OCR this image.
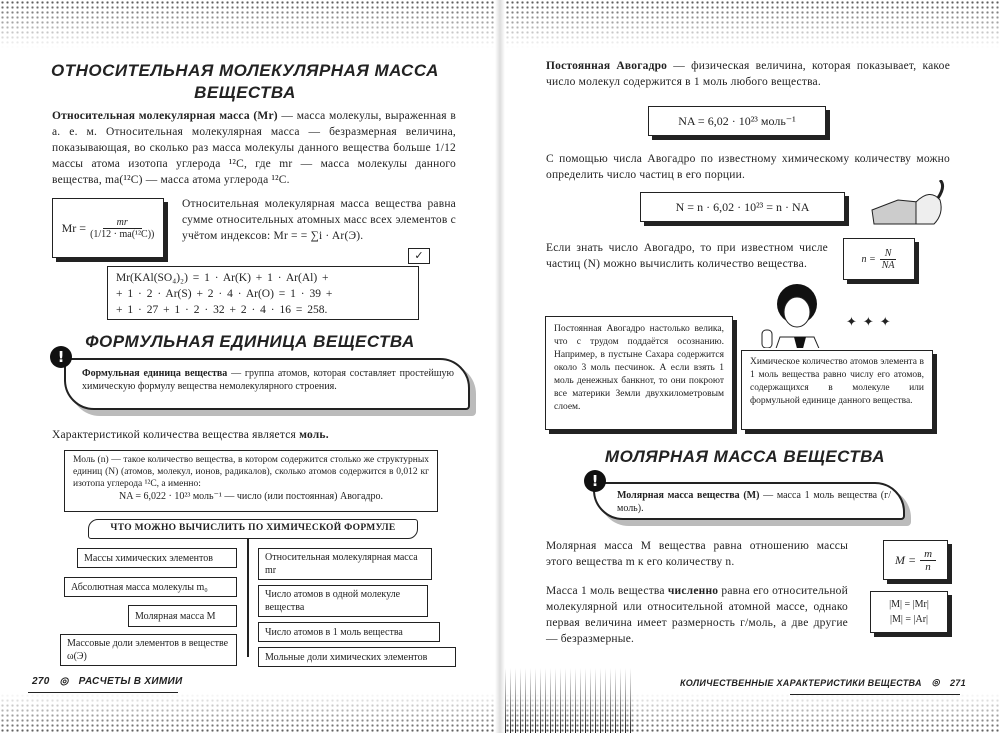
ОТНОСИТЕЛЬНАЯ МОЛЕКУЛЯРНАЯ МАССА
ВЕЩЕСТВА
Относительная молекулярная масса (Mr) — масса молекулы, выраженная в а. е. м. Относительная молекулярная масса — безразмерная величина, показывающая, во сколько раз масса молекулы данного вещества больше 1/12 массы атома изотопа углерода ¹²C, где mr — масса молекулы данного вещества, ma(¹²C) — масса атома углерода ¹²C.
$Mr = \frac{mr}{\text{(1/12 · ma(¹²C))}}$
Относительная молекулярная масса вещества равна сумме относительных атомных масс всех элементов с учётом индексов: Mr = = ∑i · Ar(Э).
Mr(KAl(SO₄)₂) = 1 · Ar(K) + 1 · Ar(Al) +
+ 1 · 2 · Ar(S) + 2 · 4 · Ar(O) = 1 · 39 +
+ 1 · 27 + 1 · 2 · 32 + 2 · 4 · 16 = 258.
✓
ФОРМУЛЬНАЯ ЕДИНИЦА ВЕЩЕСТВА
Формульная единица вещества — группа атомов, которая составляет простейшую химическую формулу вещества немолекулярного строения.
!
Характеристикой количества вещества является моль.
Моль (n) — такое количество вещества, в котором содержится столько же структурных единиц (N) (атомов, молекул, ионов, радикалов), сколько атомов содержится в 0,012 кг изотопа углерода ¹²C, а именно:
NA = 6,022 · 10²³ моль⁻¹ — число (или постоянная) Авогадро.
ЧТО МОЖНО ВЫЧИСЛИТЬ ПО ХИМИЧЕСКОЙ ФОРМУЛЕ
Массы химических элементов
Абсолютная масса молекулы m₀
Молярная масса M
Массовые доли элементов в веществе ω(Э)
Относительная молекулярная масса mr
Число атомов в одной молекуле вещества
Число атомов в 1 моль вещества
Мольные доли химических элементов
270 ◎ РАСЧЕТЫ В ХИМИИ
Постоянная Авогадро — физическая величина, которая показывает, какое число молекул содержится в 1 моль любого вещества.
NA = 6,02 · 10²³ моль⁻¹
С помощью числа Авогадро по известному химическому количеству можно определить число частиц в его порции.
N = n · 6,02 · 10²³ = n · NA
Если знать число Авогадро, то при известном числе частиц (N) можно вычислить количество вещества.	$n = \frac{N}{NA}$
✦✦✦
Постоянная Авогадро настолько велика, что с трудом поддаётся осознанию. Например, в пустыне Сахара содержится около 3 моль песчинок. А если взять 1 моль денежных банкнот, то они покроют все материки Земли двухкилометровым слоем.
Химическое количество атомов элемента в 1 моль вещества равно числу его атомов, содержащихся в молекуле или формульной единице данного вещества.
МОЛЯРНАЯ МАССА ВЕЩЕСТВА
Молярная масса вещества (M) — масса 1 моль вещества (г/моль).
!
Молярная масса M вещества равна отношению массы этого вещества m к его количеству n.	$M = \frac{m}{n}$
Масса 1 моль вещества численно равна его относительной молекулярной или относительной атомной массе, однако первая величина имеет размерность г/моль, а две другие — безразмерные.
|M| = |Mr|
|M| = |Ar|
КОЛИЧЕСТВЕННЫЕ ХАРАКТЕРИСТИКИ ВЕЩЕСТВА ◎ 271
